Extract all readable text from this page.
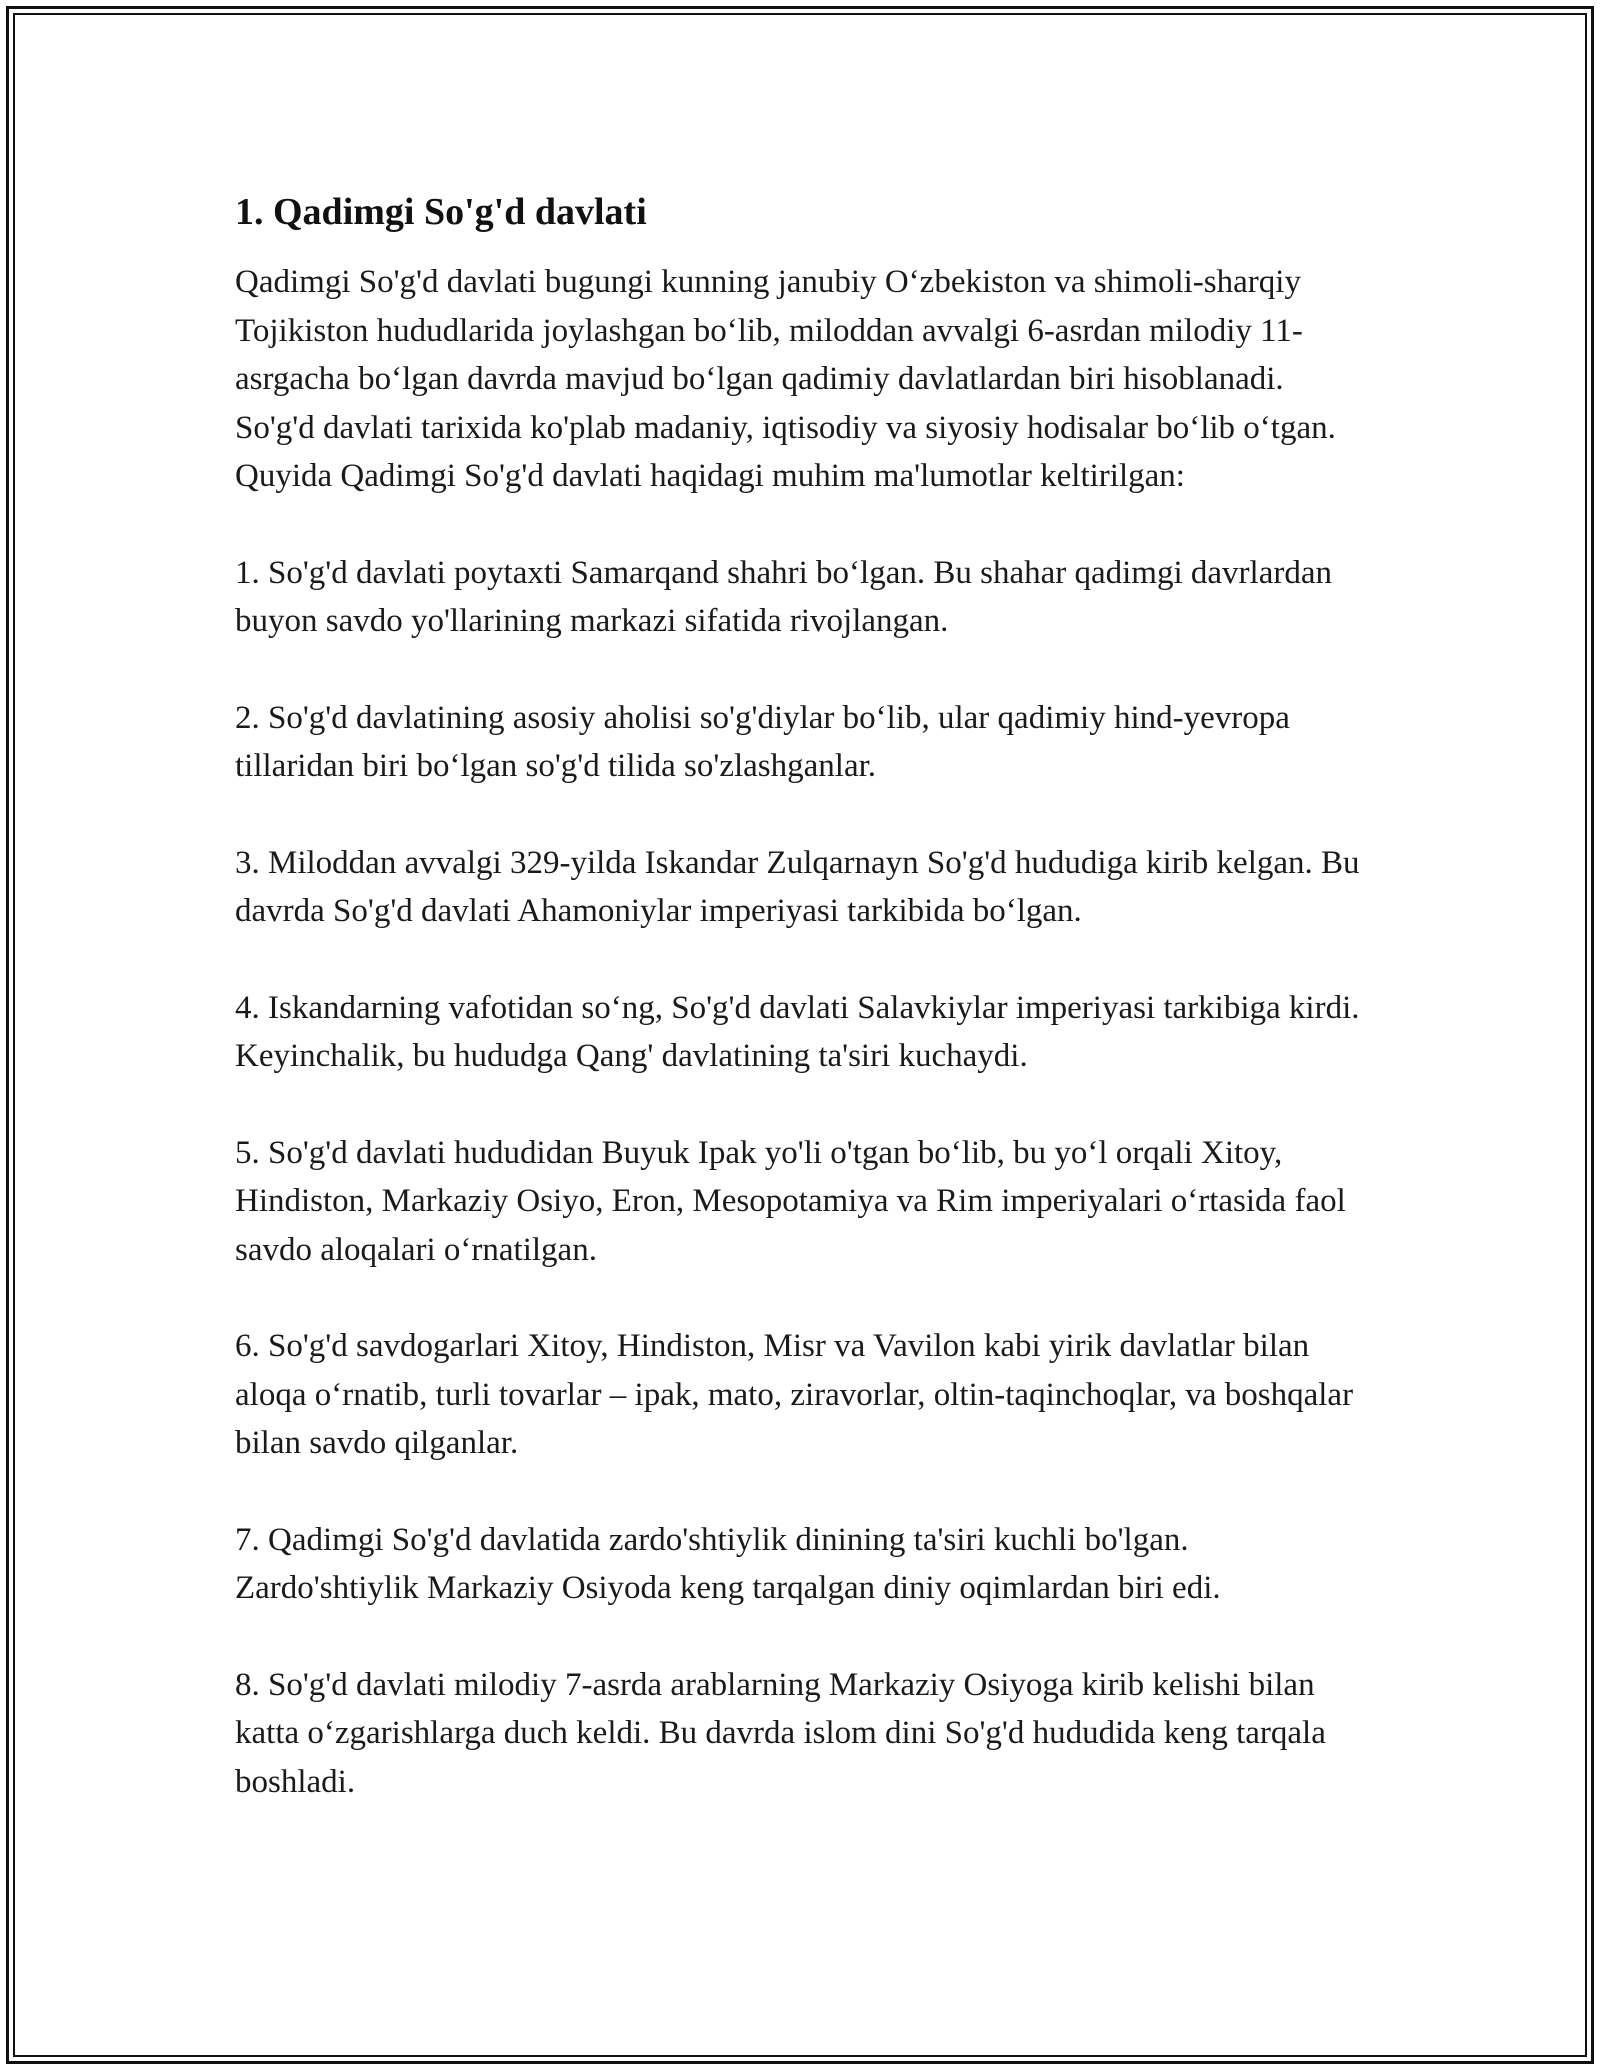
1. Qadimgi So'g'd davlati

Qadimgi So'g'd davlati bugungi kunning janubiy O‘zbekiston va shimoli-sharqiy Tojikiston hududlarida joylashgan bo‘lib, miloddan avvalgi 6-asrdan milodiy 11-asrgacha bo‘lgan davrda mavjud bo‘lgan qadimiy davlatlardan biri hisoblanadi. So'g'd davlati tarixida ko'plab madaniy, iqtisodiy va siyosiy hodisalar bo‘lib o‘tgan. Quyida Qadimgi So'g'd davlati haqidagi muhim ma'lumotlar keltirilgan:

1. So'g'd davlati poytaxti Samarqand shahri bo‘lgan. Bu shahar qadimgi davrlardan buyon savdo yo'llarining markazi sifatida rivojlangan.

2. So'g'd davlatining asosiy aholisi so'g'diylar bo‘lib, ular qadimiy hind-yevropa tillaridan biri bo‘lgan so'g'd tilida so'zlashganlar.

3. Miloddan avvalgi 329-yilda Iskandar Zulqarnayn So'g'd hududiga kirib kelgan. Bu davrda So'g'd davlati Ahamoniylar imperiyasi tarkibida bo‘lgan.

4. Iskandarning vafotidan so‘ng, So'g'd davlati Salavkiylar imperiyasi tarkibiga kirdi. Keyinchalik, bu hududga Qang' davlatining ta'siri kuchaydi.

5. So'g'd davlati hududidan Buyuk Ipak yo'li o'tgan bo‘lib, bu yo‘l orqali Xitoy, Hindiston, Markaziy Osiyo, Eron, Mesopotamiya va Rim imperiyalari o‘rtasida faol savdo aloqalari o‘rnatilgan.

6. So'g'd savdogarlari Xitoy, Hindiston, Misr va Vavilon kabi yirik davlatlar bilan aloqa o‘rnatib, turli tovarlar – ipak, mato, ziravorlar, oltin-taqinchoqlar, va boshqalar bilan savdo qilganlar.

7. Qadimgi So'g'd davlatida zardo'shtiylik dinining ta'siri kuchli bo'lgan. Zardo'shtiylik Markaziy Osiyoda keng tarqalgan diniy oqimlardan biri edi.

8. So'g'd davlati milodiy 7-asrda arablarning Markaziy Osiyoga kirib kelishi bilan katta o‘zgarishlarga duch keldi. Bu davrda islom dini So'g'd hududida keng tarqala boshladi.
